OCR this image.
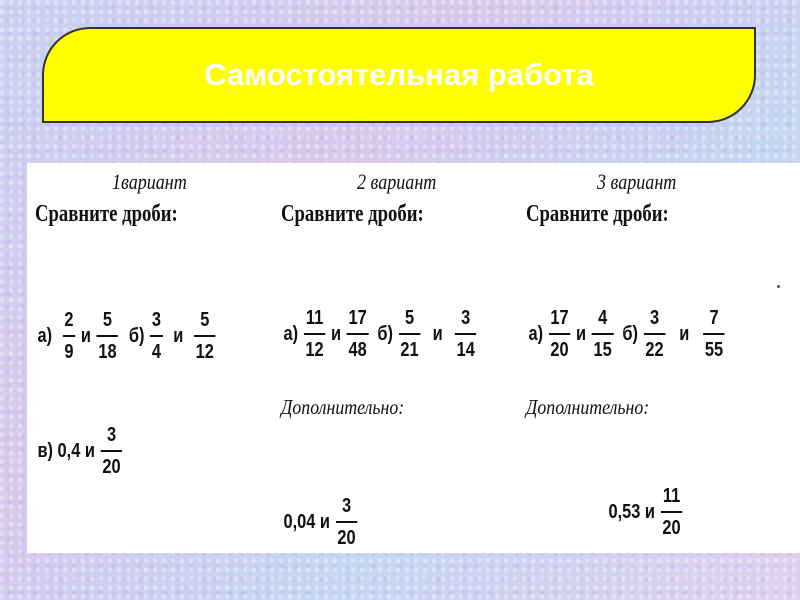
Самостоятельная работа
1вариант
Сравните дроби:
$а) \frac{2}{9}$ и $\frac{5}{18} б) \frac{3}{4}$ и $\frac{5}{12}$
в) 0,4 и $\frac{3}{20}$
2 вариант
Сравните дроби:
$а) \frac{11}{12}$ и $\frac{17}{48} б) \frac{5}{21}$ и $\frac{3}{14}$
Дополнительно:
0,04 и $\frac{3}{20}$
3 вариант
Сравните дроби:
$а) \frac{17}{20}$ и $\frac{4}{15} б) \frac{3}{22}$ и $\frac{7}{55}$
Дополнительно:
0,53 и $\frac{11}{20}$
